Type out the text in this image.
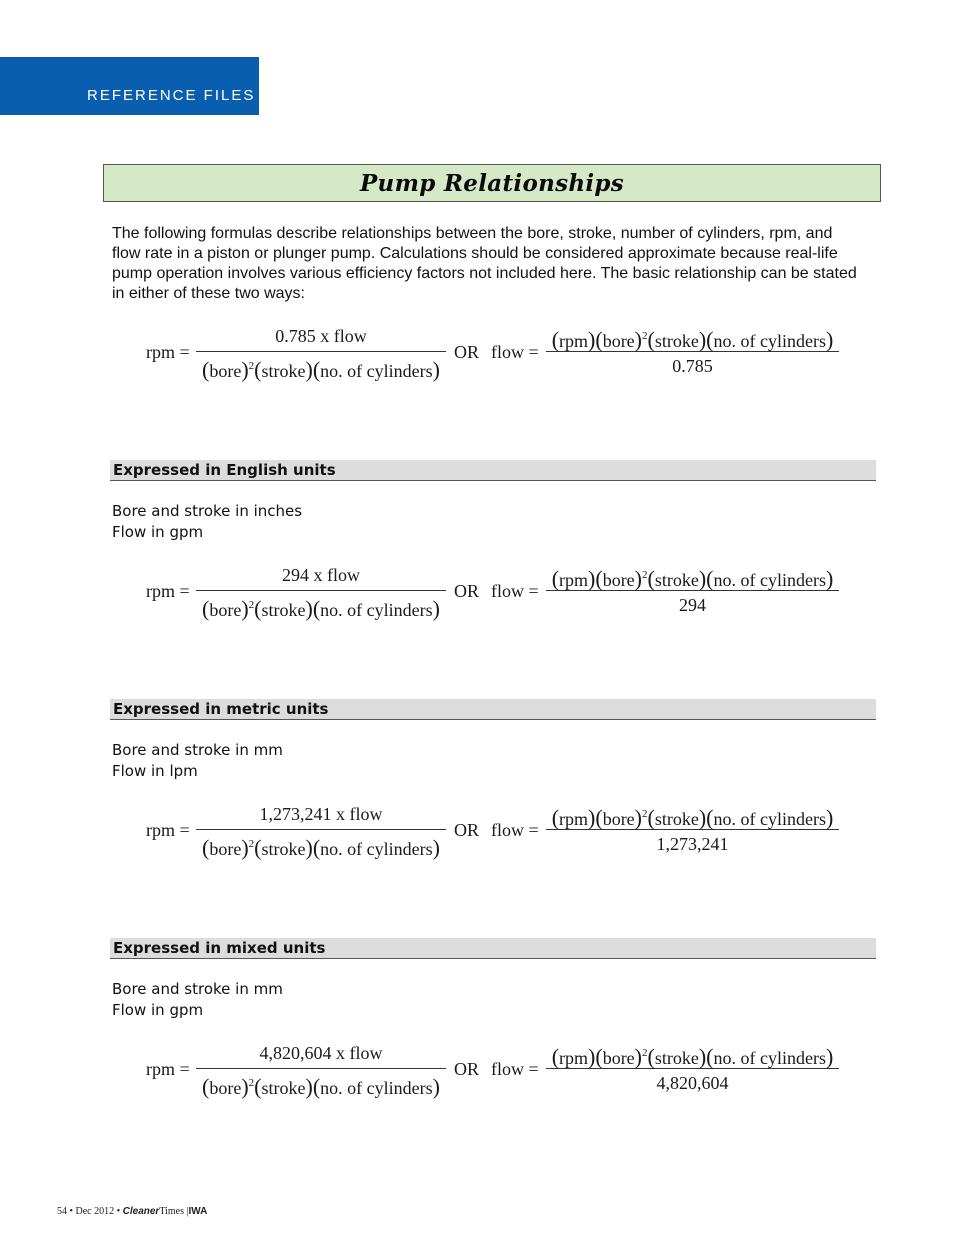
REFERENCE FILES
Pump Relationships
The following formulas describe relationships between the bore, stroke, number of cylinders, rpm, and flow rate in a piston or plunger pump. Calculations should be considered approximate because real-life pump operation involves various efficiency factors not included here. The basic relationship can be stated in either of these two ways:
rpm =
0.785 x flow
(bore)$^2$(stroke)(no. of cylinders)
OR flow = (rpm)(bore)$^2$(stroke)(no. of cylinders)
0.785
Expressed in English units
Bore and stroke in inches
Flow in gpm
rpm =
294 x flow
(bore)$^2$(stroke)(no. of cylinders)
OR flow = (rpm)(bore)$^2$(stroke)(no. of cylinders)
294
Expressed in metric units
Bore and stroke in mm
Flow in lpm
rpm =
1,273,241 x flow
(bore)$^2$(stroke)(no. of cylinders)
OR flow = (rpm)(bore)$^2$(stroke)(no. of cylinders)
1,273,241
Expressed in mixed units
Bore and stroke in mm
Flow in gpm
rpm =
4,820,604 x flow
(bore)$^2$(stroke)(no. of cylinders)
OR flow = (rpm)(bore)$^2$(stroke)(no. of cylinders)
4,820,604
54 • Dec 2012 • CleanerTimes |IWA
